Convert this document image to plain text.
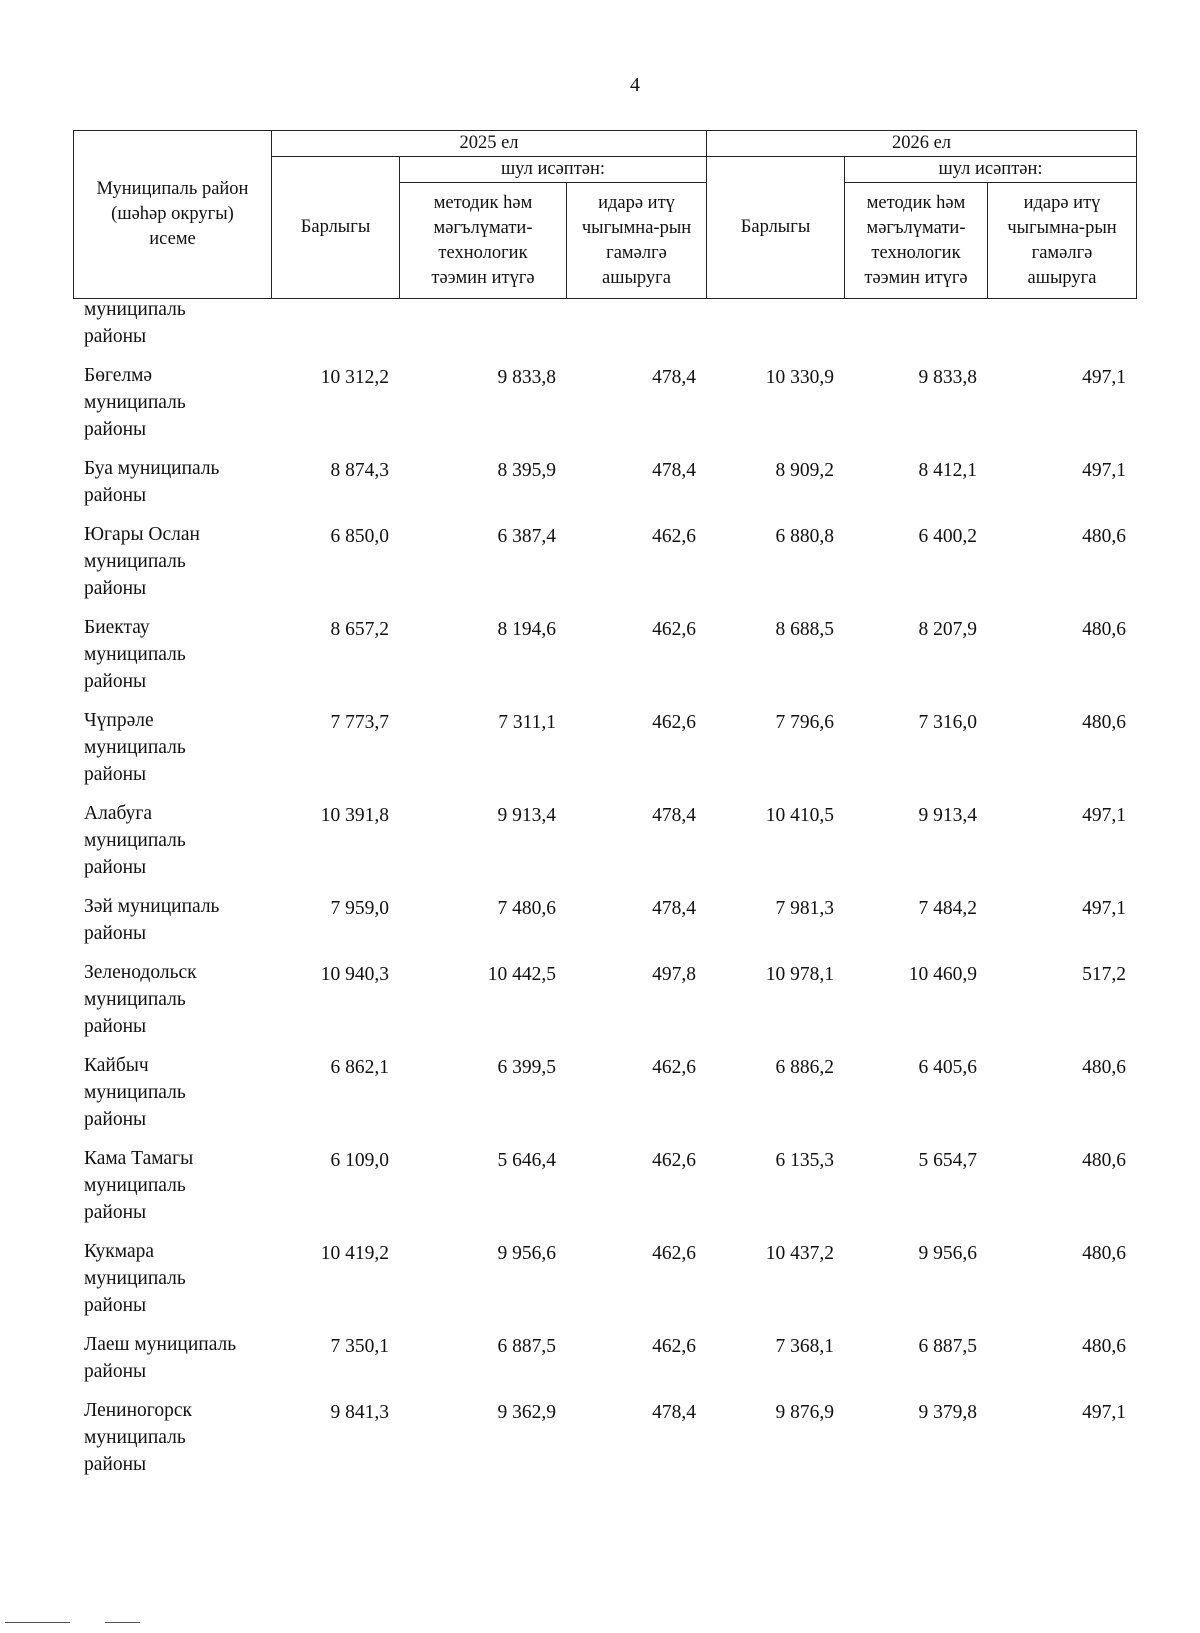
4
Муниципаль район (шәһәр округы) исеме	2025 ел			2026 ел		
	Барлыгы	шул исәптән:		Барлыгы	шул исәптән:	
		методик һәм мәгълүмати-технологик тәэмин итүгә	идарә итү чыгымна-рын гамәлгә ашыруга		методик һәм мәгълүмати-технологик тәэмин итүгә	идарә итү чыгымна-рын гамәлгә ашыруга
муниципаль районы						
Бөгелмә муниципаль районы	10 312,2	9 833,8	478,4	10 330,9	9 833,8	497,1
Буа муниципаль районы	8 874,3	8 395,9	478,4	8 909,2	8 412,1	497,1
Югары Ослан муниципаль районы	6 850,0	6 387,4	462,6	6 880,8	6 400,2	480,6
Биектау муниципаль районы	8 657,2	8 194,6	462,6	8 688,5	8 207,9	480,6
Чүпрәле муниципаль районы	7 773,7	7 311,1	462,6	7 796,6	7 316,0	480,6
Алабуга муниципаль районы	10 391,8	9 913,4	478,4	10 410,5	9 913,4	497,1
Зәй муниципаль районы	7 959,0	7 480,6	478,4	7 981,3	7 484,2	497,1
Зеленодольск муниципаль районы	10 940,3	10 442,5	497,8	10 978,1	10 460,9	517,2
Кайбыч муниципаль районы	6 862,1	6 399,5	462,6	6 886,2	6 405,6	480,6
Кама Тамагы муниципаль районы	6 109,0	5 646,4	462,6	6 135,3	5 654,7	480,6
Кукмара муниципаль районы	10 419,2	9 956,6	462,6	10 437,2	9 956,6	480,6
Лаеш муниципаль районы	7 350,1	6 887,5	462,6	7 368,1	6 887,5	480,6
Лениногорск муниципаль районы	9 841,3	9 362,9	478,4	9 876,9	9 379,8	497,1
